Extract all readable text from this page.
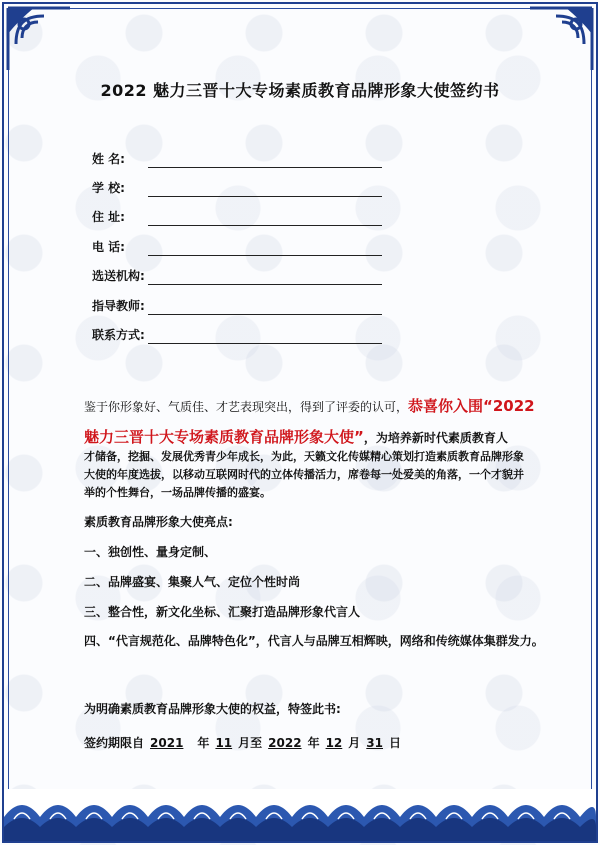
2022 魅力三晋十大专场素质教育品牌形象大使签约书
姓 名:
学 校:
住 址:
电 话:
选送机构:
指导教师:
联系方式:
鉴于你形象好、气质佳、才艺表现突出，得到了评委的认可，恭喜你入围“2022
魅力三晋十大专场素质教育品牌形象大使”，为培养新时代素质教育人
才储备，挖掘、发展优秀青少年成长，为此，天籁文化传媒精心策划打造素质教育品牌形象
大使的年度选拔，以移动互联网时代的立体传播活力，席卷每一处爱美的角落，一个才貌并
举的个性舞台，一场品牌传播的盛宴。
素质教育品牌形象大使亮点:
一、独创性、量身定制、
二、品牌盛宴、集聚人气、定位个性时尚
三、整合性，新文化坐标、汇聚打造品牌形象代言人
四、“代言规范化、品牌特色化”，代言人与品牌互相辉映，网络和传统媒体集群发力。
为明确素质教育品牌形象大使的权益，特签此书:
签约期限自 2021 年 11 月至 2022 年 12 月 31 日
